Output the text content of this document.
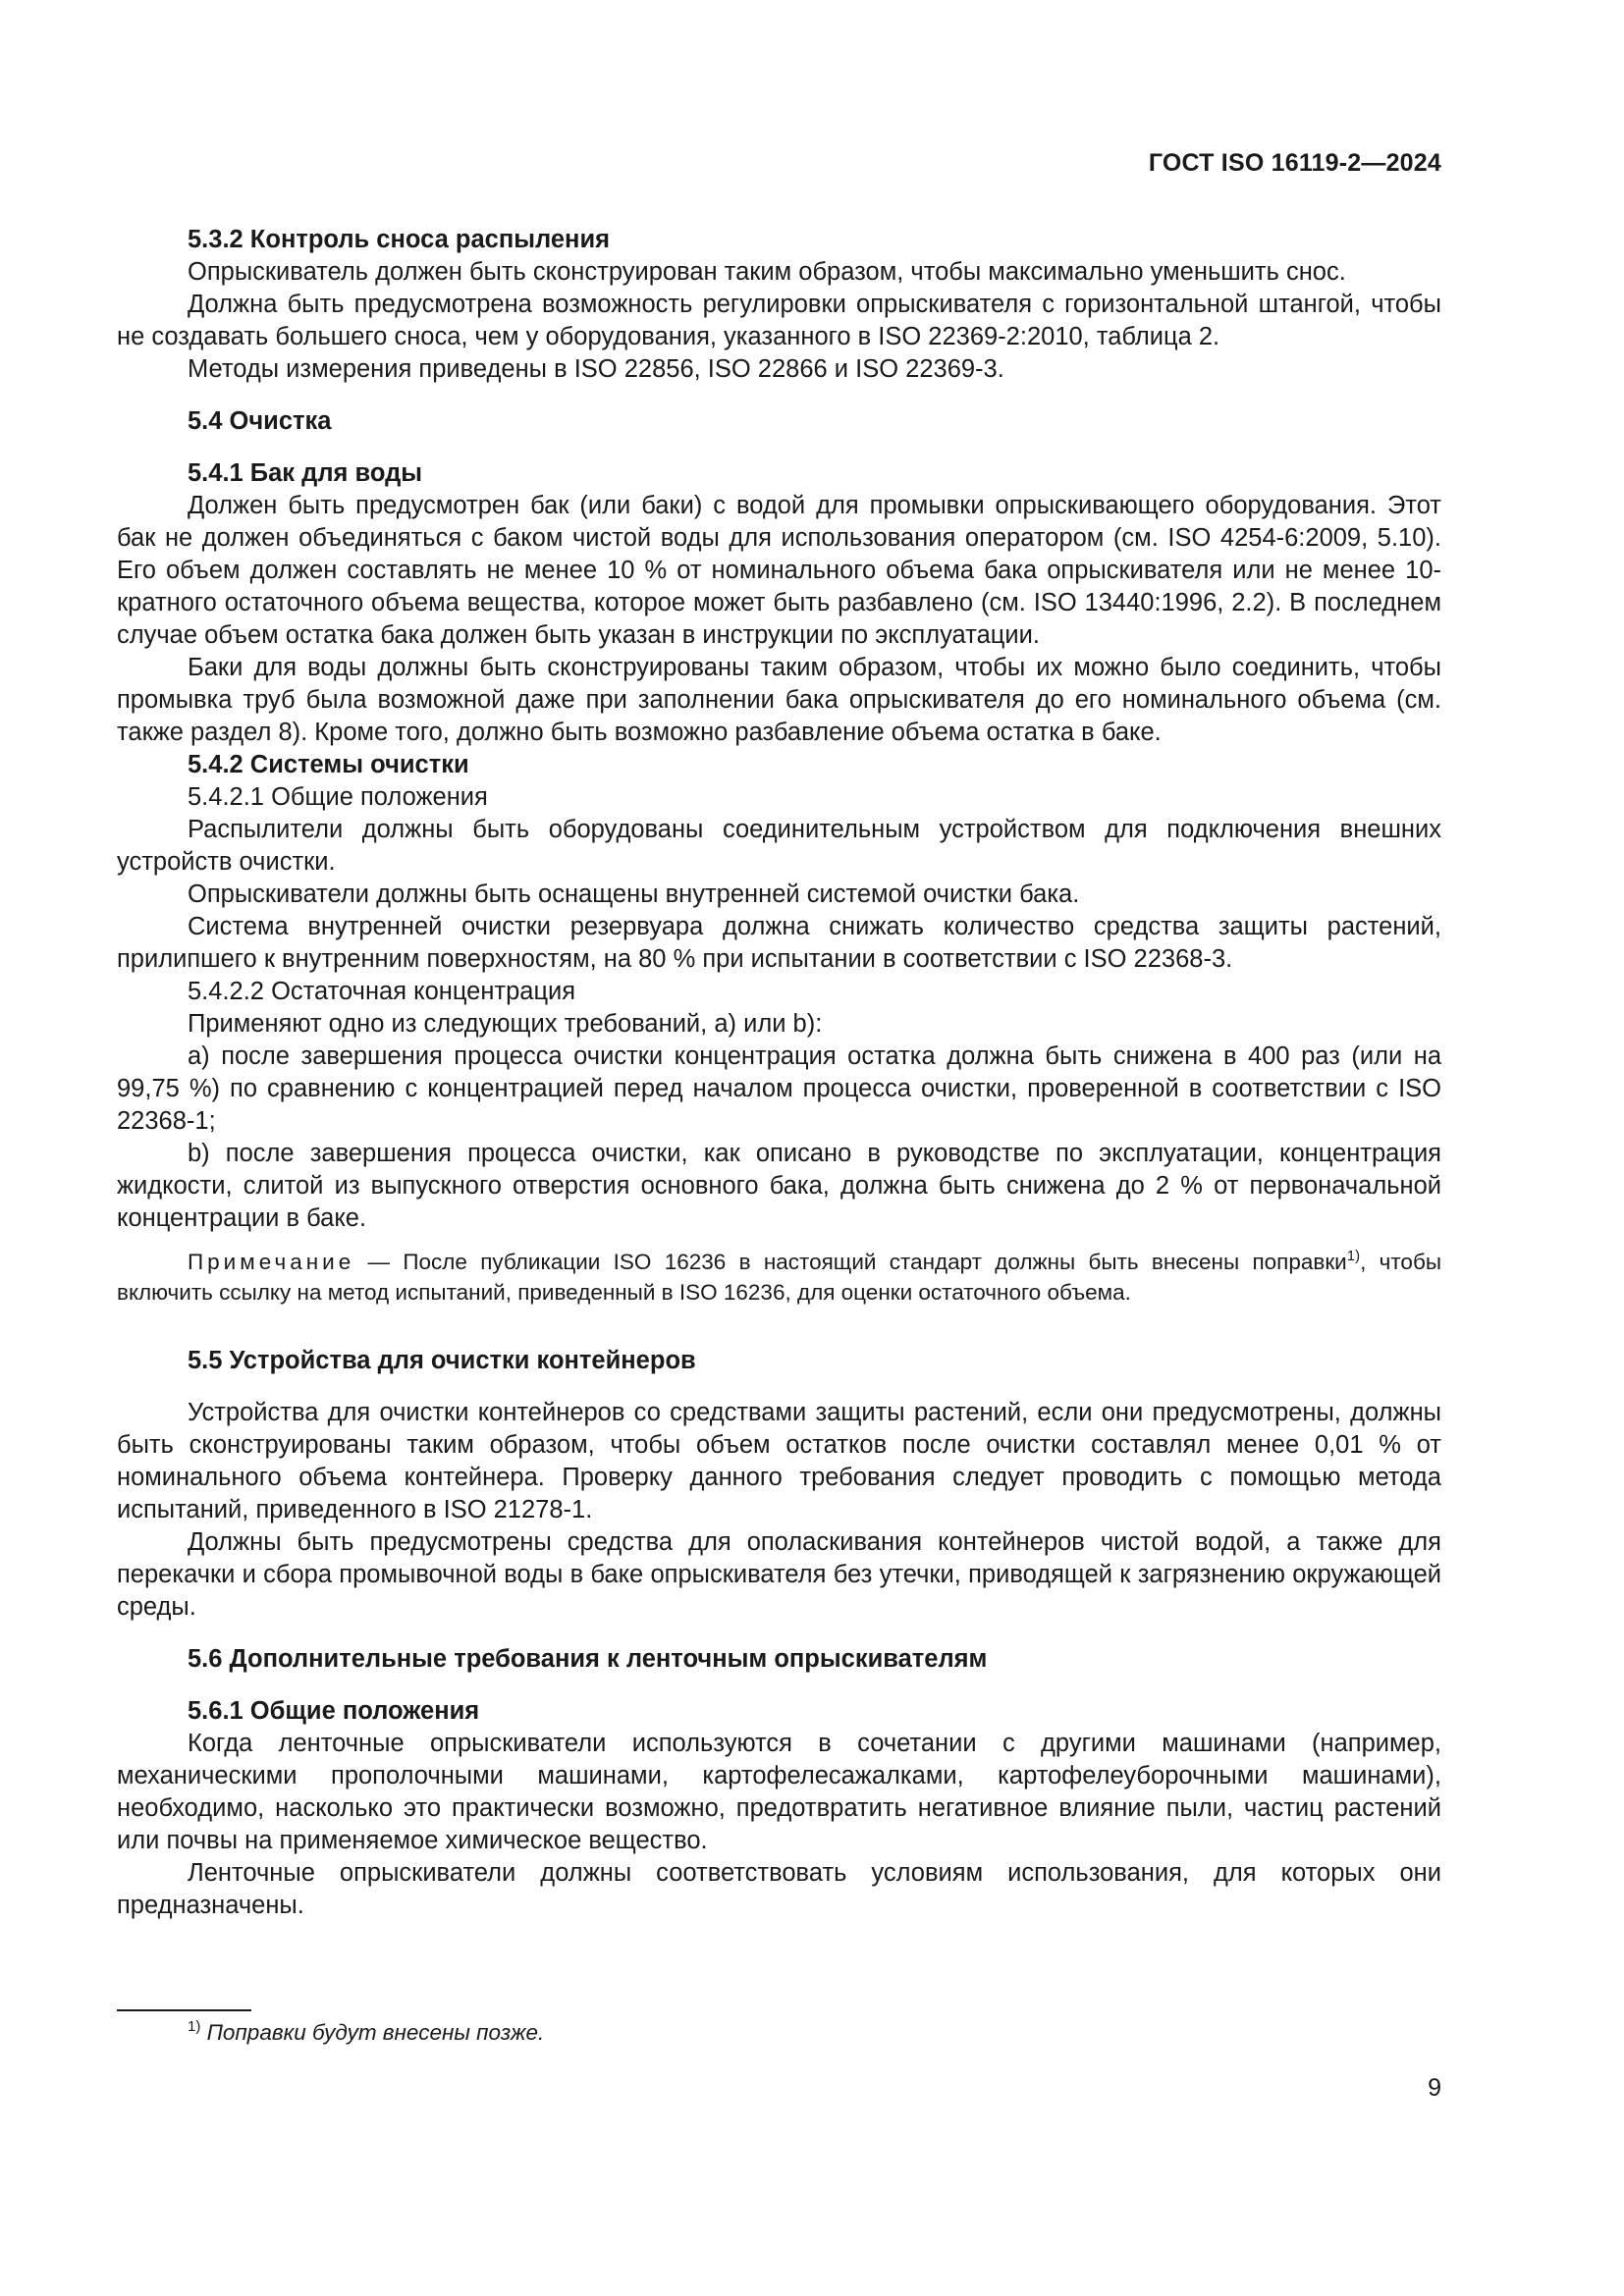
ГОСТ ISO 16119-2—2024

5.3.2 Контроль сноса распыления

Опрыскиватель должен быть сконструирован таким образом, чтобы максимально уменьшить снос.

Должна быть предусмотрена возможность регулировки опрыскивателя с горизонтальной штангой, чтобы не создавать большего сноса, чем у оборудования, указанного в ISO 22369-2:2010, таблица 2.

Методы измерения приведены в ISO 22856, ISO 22866 и ISO 22369-3.

5.4 Очистка

5.4.1 Бак для воды

Должен быть предусмотрен бак (или баки) с водой для промывки опрыскивающего оборудования. Этот бак не должен объединяться с баком чистой воды для использования оператором (см. ISO 4254-6:2009, 5.10). Его объем должен составлять не менее 10 % от номинального объема бака опрыскивателя или не менее 10-кратного остаточного объема вещества, которое может быть разбавлено (см. ISO 13440:1996, 2.2). В последнем случае объем остатка бака должен быть указан в инструкции по эксплуатации.

Баки для воды должны быть сконструированы таким образом, чтобы их можно было соединить, чтобы промывка труб была возможной даже при заполнении бака опрыскивателя до его номинального объема (см. также раздел 8). Кроме того, должно быть возможно разбавление объема остатка в баке.

5.4.2 Системы очистки

5.4.2.1 Общие положения

Распылители должны быть оборудованы соединительным устройством для подключения внешних устройств очистки.

Опрыскиватели должны быть оснащены внутренней системой очистки бака.

Система внутренней очистки резервуара должна снижать количество средства защиты растений, прилипшего к внутренним поверхностям, на 80 % при испытании в соответствии с ISO 22368-3.

5.4.2.2 Остаточная концентрация

Применяют одно из следующих требований, a) или b):

a) после завершения процесса очистки концентрация остатка должна быть снижена в 400 раз (или на 99,75 %) по сравнению с концентрацией перед началом процесса очистки, проверенной в соответствии с ISO 22368-1;

b) после завершения процесса очистки, как описано в руководстве по эксплуатации, концентрация жидкости, слитой из выпускного отверстия основного бака, должна быть снижена до 2 % от первоначальной концентрации в баке.

Примечание — После публикации ISO 16236 в настоящий стандарт должны быть внесены поправки$^{1)}$, чтобы включить ссылку на метод испытаний, приведенный в ISO 16236, для оценки остаточного объема.

5.5 Устройства для очистки контейнеров

Устройства для очистки контейнеров со средствами защиты растений, если они предусмотрены, должны быть сконструированы таким образом, чтобы объем остатков после очистки составлял менее 0,01 % от номинального объема контейнера. Проверку данного требования следует проводить с помощью метода испытаний, приведенного в ISO 21278-1.

Должны быть предусмотрены средства для ополаскивания контейнеров чистой водой, а также для перекачки и сбора промывочной воды в баке опрыскивателя без утечки, приводящей к загрязнению окружающей среды.

5.6 Дополнительные требования к ленточным опрыскивателям

5.6.1 Общие положения

Когда ленточные опрыскиватели используются в сочетании с другими машинами (например, механическими прополочными машинами, картофелесажалками, картофелеуборочными машинами), необходимо, насколько это практически возможно, предотвратить негативное влияние пыли, частиц растений или почвы на применяемое химическое вещество.

Ленточные опрыскиватели должны соответствовать условиям использования, для которых они предназначены.

$^{1)}$ Поправки будут внесены позже.
9
